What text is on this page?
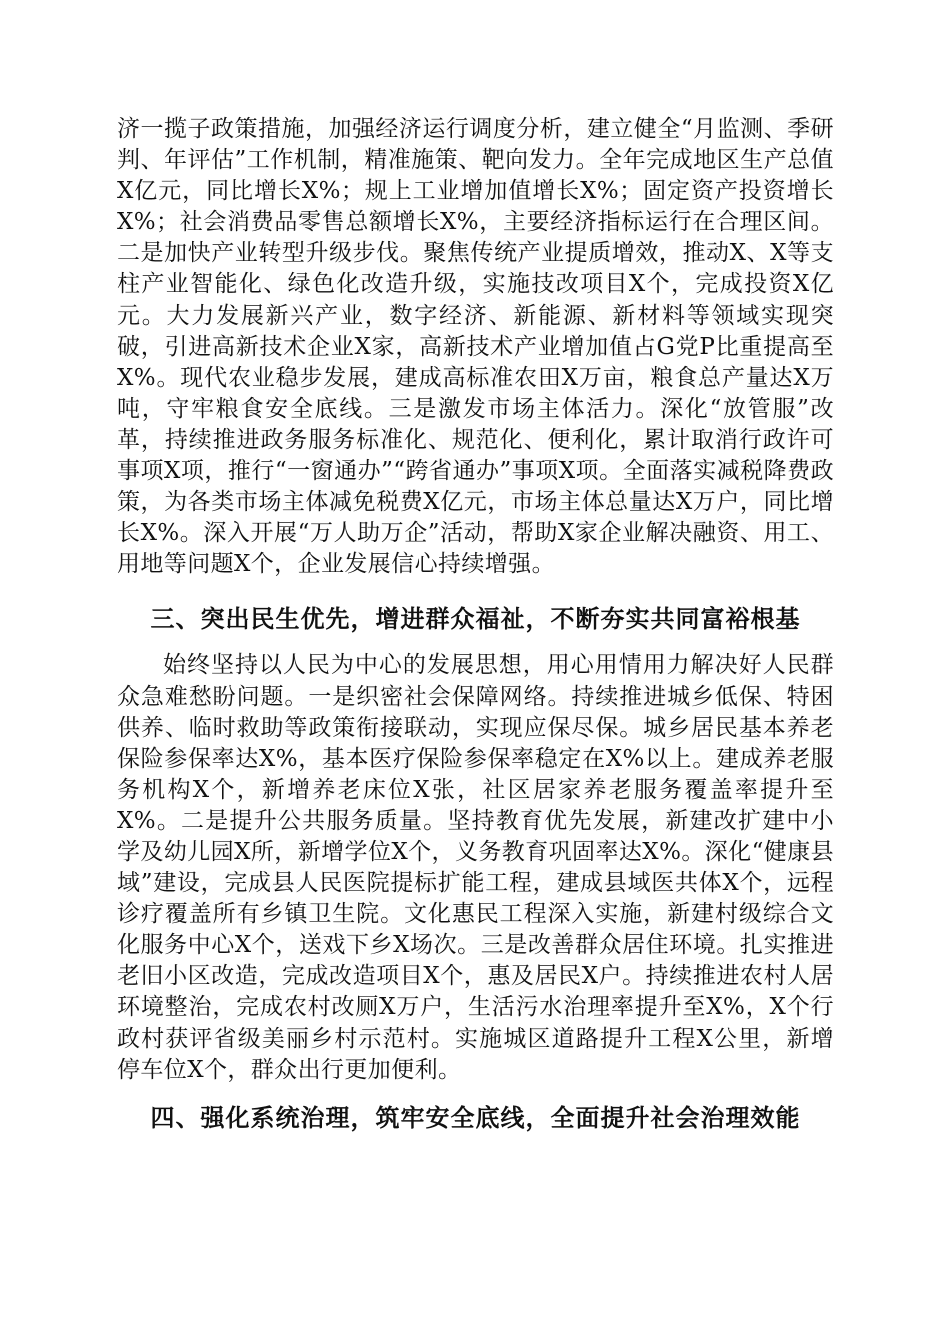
济一揽子政策措施，加强经济运行调度分析，建立健全“月监测、季研判、年评估”工作机制，精准施策、靶向发力。全年完成地区生产总值X亿元，同比增长X%；规上工业增加值增长X%；固定资产投资增长X%；社会消费品零售总额增长X%，主要经济指标运行在合理区间。二是加快产业转型升级步伐。聚焦传统产业提质增效，推动X、X等支柱产业智能化、绿色化改造升级，实施技改项目X个，完成投资X亿元。大力发展新兴产业，数字经济、新能源、新材料等领域实现突破，引进高新技术企业X家，高新技术产业增加值占G党P比重提高至X%。现代农业稳步发展，建成高标准农田X万亩，粮食总产量达X万吨，守牢粮食安全底线。三是激发市场主体活力。深化“放管服”改革，持续推进政务服务标准化、规范化、便利化，累计取消行政许可事项X项，推行“一窗通办”“跨省通办”事项X项。全面落实减税降费政策，为各类市场主体减免税费X亿元，市场主体总量达X万户，同比增长X%。深入开展“万人助万企”活动，帮助X家企业解决融资、用工、用地等问题X个，企业发展信心持续增强。

三、突出民生优先，增进群众福祉，不断夯实共同富裕根基

始终坚持以人民为中心的发展思想，用心用情用力解决好人民群众急难愁盼问题。一是织密社会保障网络。持续推进城乡低保、特困供养、临时救助等政策衔接联动，实现应保尽保。城乡居民基本养老保险参保率达X%，基本医疗保险参保率稳定在X%以上。建成养老服务机构X个，新增养老床位X张，社区居家养老服务覆盖率提升至X%。二是提升公共服务质量。坚持教育优先发展，新建改扩建中小学及幼儿园X所，新增学位X个，义务教育巩固率达X%。深化“健康县域”建设，完成县人民医院提标扩能工程，建成县域医共体X个，远程诊疗覆盖所有乡镇卫生院。文化惠民工程深入实施，新建村级综合文化服务中心X个，送戏下乡X场次。三是改善群众居住环境。扎实推进老旧小区改造，完成改造项目X个，惠及居民X户。持续推进农村人居环境整治，完成农村改厕X万户，生活污水治理率提升至X%，X个行政村获评省级美丽乡村示范村。实施城区道路提升工程X公里，新增停车位X个，群众出行更加便利。

四、强化系统治理，筑牢安全底线，全面提升社会治理效能
